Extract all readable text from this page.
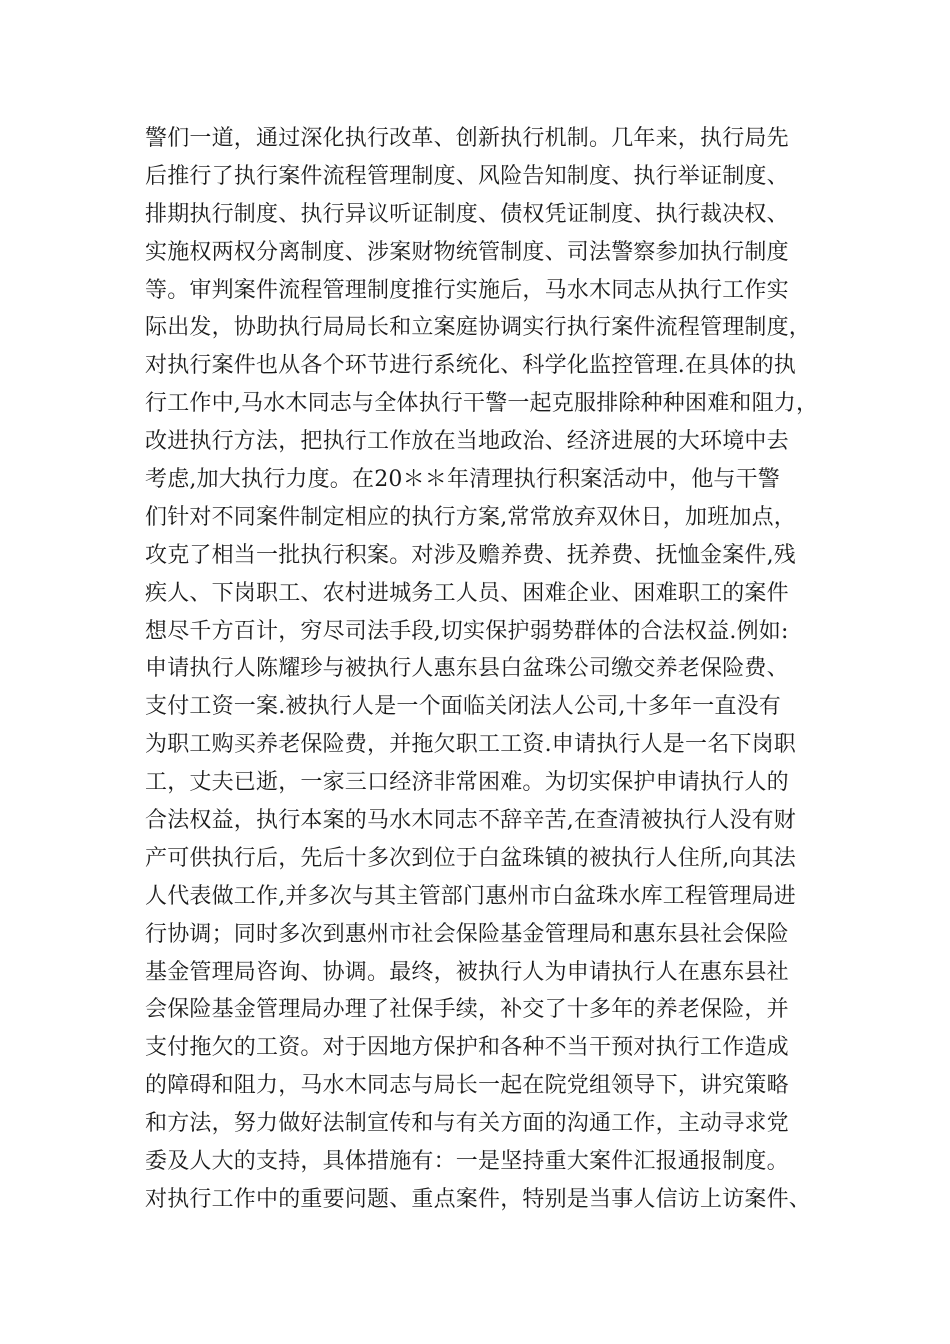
警们一道，通过深化执行改革、创新执行机制。几年来，执行局先
后推行了执行案件流程管理制度、风险告知制度、执行举证制度、
排期执行制度、执行异议听证制度、债权凭证制度、执行裁决权、
实施权两权分离制度、涉案财物统管制度、司法警察参加执行制度
等。审判案件流程管理制度推行实施后，马水木同志从执行工作实
际出发，协助执行局局长和立案庭协调实行执行案件流程管理制度，
对执行案件也从各个环节进行系统化、科学化监控管理.在具体的执
行工作中,马水木同志与全体执行干警一起克服排除种种困难和阻力，
改进执行方法，把执行工作放在当地政治、经济进展的大环境中去
考虑,加大执行力度。在20＊＊年清理执行积案活动中，他与干警
们针对不同案件制定相应的执行方案,常常放弃双休日，加班加点，
攻克了相当一批执行积案。对涉及赡养费、抚养费、抚恤金案件,残
疾人、下岗职工、农村进城务工人员、困难企业、困难职工的案件
想尽千方百计，穷尽司法手段,切实保护弱势群体的合法权益.例如:
申请执行人陈耀珍与被执行人惠东县白盆珠公司缴交养老保险费、
支付工资一案.被执行人是一个面临关闭法人公司,十多年一直没有
为职工购买养老保险费，并拖欠职工工资.申请执行人是一名下岗职
工，丈夫已逝，一家三口经济非常困难。为切实保护申请执行人的
合法权益，执行本案的马水木同志不辞辛苦,在查清被执行人没有财
产可供执行后，先后十多次到位于白盆珠镇的被执行人住所,向其法
人代表做工作,并多次与其主管部门惠州市白盆珠水库工程管理局进
行协调；同时多次到惠州市社会保险基金管理局和惠东县社会保险
基金管理局咨询、协调。最终，被执行人为申请执行人在惠东县社
会保险基金管理局办理了社保手续，补交了十多年的养老保险，并
支付拖欠的工资。对于因地方保护和各种不当干预对执行工作造成
的障碍和阻力，马水木同志与局长一起在院党组领导下，讲究策略
和方法，努力做好法制宣传和与有关方面的沟通工作，主动寻求党
委及人大的支持，具体措施有：一是坚持重大案件汇报通报制度。
对执行工作中的重要问题、重点案件，特别是当事人信访上访案件、
